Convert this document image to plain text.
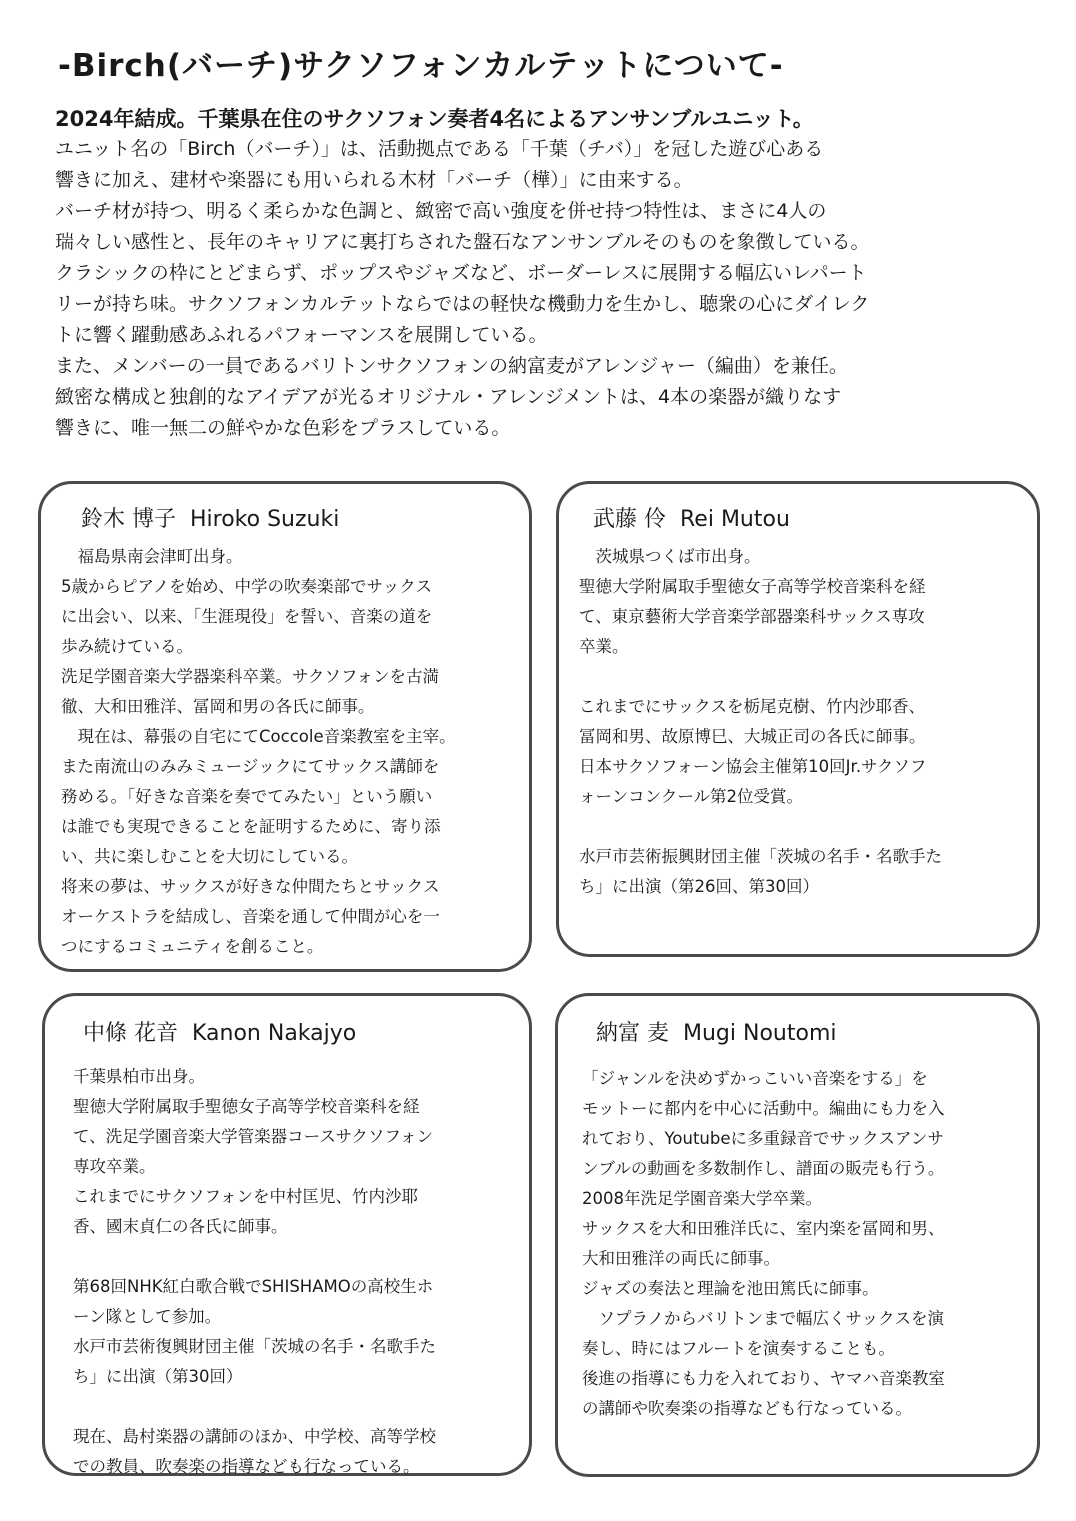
-Birch(バーチ)サクソフォンカルテットについて-

2024年結成。千葉県在住のサクソフォン奏者4名によるアンサンブルユニット。

ユニット名の「Birch（バーチ）」は、活動拠点である「千葉（チバ）」を冠した遊び心ある

響きに加え、建材や楽器にも用いられる木材「バーチ（樺）」に由来する。

バーチ材が持つ、明るく柔らかな色調と、緻密で高い強度を併せ持つ特性は、まさに4人の

瑞々しい感性と、長年のキャリアに裏打ちされた盤石なアンサンブルそのものを象徴している。

クラシックの枠にとどまらず、ポップスやジャズなど、ボーダーレスに展開する幅広いレパート

リーが持ち味。サクソフォンカルテットならではの軽快な機動力を生かし、聴衆の心にダイレク

トに響く躍動感あふれるパフォーマンスを展開している。

また、メンバーの一員であるバリトンサクソフォンの納富麦がアレンジャー（編曲）を兼任。

緻密な構成と独創的なアイデアが光るオリジナル・アレンジメントは、4本の楽器が織りなす

響きに、唯一無二の鮮やかな色彩をプラスしている。

鈴木 博子 Hiroko Suzuki

　福島県南会津町出身。

5歳からピアノを始め、中学の吹奏楽部でサックス

に出会い、以来、「生涯現役」を誓い、音楽の道を

歩み続けている。

洗足学園音楽大学器楽科卒業。サクソフォンを古満

徹、大和田雅洋、冨岡和男の各氏に師事。

　現在は、幕張の自宅にてCoccole音楽教室を主宰。

また南流山のみみミュージックにてサックス講師を

務める。「好きな音楽を奏でてみたい」という願い

は誰でも実現できることを証明するために、寄り添

い、共に楽しむことを大切にしている。

将来の夢は、サックスが好きな仲間たちとサックス

オーケストラを結成し、音楽を通して仲間が心を一

つにするコミュニティを創ること。

武藤 伶 Rei Mutou

　茨城県つくば市出身。

聖徳大学附属取手聖徳女子高等学校音楽科を経

て、東京藝術大学音楽学部器楽科サックス専攻

卒業。

これまでにサックスを栃尾克樹、竹内沙耶香、

冨岡和男、故原博巳、大城正司の各氏に師事。

日本サクソフォーン協会主催第10回Jr.サクソフ

ォーンコンクール第2位受賞。

水戸市芸術振興財団主催「茨城の名手・名歌手た

ち」に出演（第26回、第30回）

中條 花音 Kanon Nakajyo

千葉県柏市出身。

聖徳大学附属取手聖徳女子高等学校音楽科を経

て、洗足学園音楽大学管楽器コースサクソフォン

専攻卒業。

これまでにサクソフォンを中村匡児、竹内沙耶

香、國末貞仁の各氏に師事。

第68回NHK紅白歌合戦でSHISHAMOの高校生ホ

ーン隊として参加。

水戸市芸術復興財団主催「茨城の名手・名歌手た

ち」に出演（第30回）

現在、島村楽器の講師のほか、中学校、高等学校

での教員、吹奏楽の指導なども行なっている。

納富 麦 Mugi Noutomi

「ジャンルを決めずかっこいい音楽をする」を

モットーに都内を中心に活動中。編曲にも力を入

れており、Youtubeに多重録音でサックスアンサ

ンブルの動画を多数制作し、譜面の販売も行う。

2008年洗足学園音楽大学卒業。

サックスを大和田雅洋氏に、室内楽を冨岡和男、

大和田雅洋の両氏に師事。

ジャズの奏法と理論を池田篤氏に師事。

　ソプラノからバリトンまで幅広くサックスを演

奏し、時にはフルートを演奏することも。

後進の指導にも力を入れており、ヤマハ音楽教室

の講師や吹奏楽の指導なども行なっている。
